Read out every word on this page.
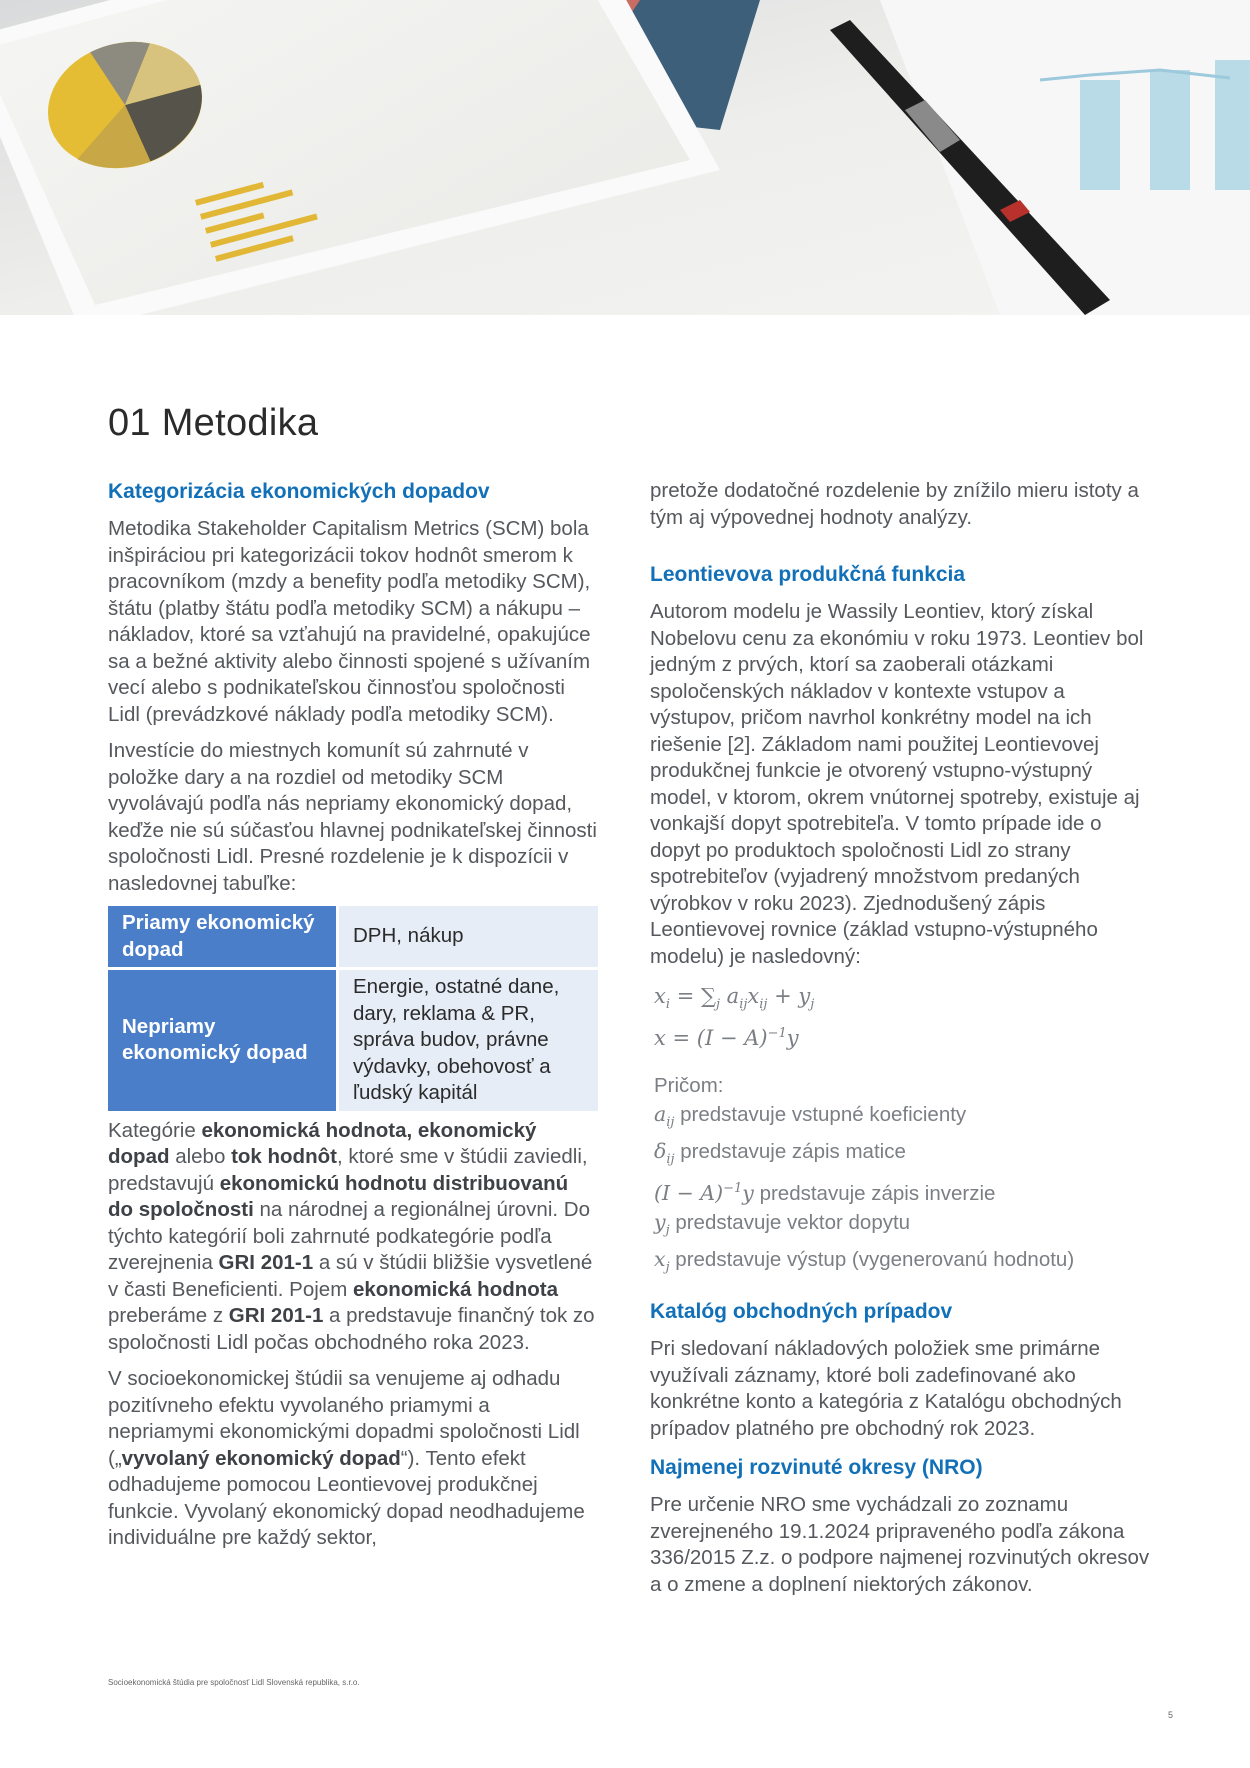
01 Metodika
Kategorizácia ekonomických dopadov

Metodika Stakeholder Capitalism Metrics (SCM) bola inšpiráciou pri kategorizácii tokov hodnôt smerom k pracovníkom (mzdy a benefity podľa metodiky SCM), štátu (platby štátu podľa metodiky SCM) a nákupu – nákladov, ktoré sa vzťahujú na pravidelné, opakujúce sa a bežné aktivity alebo činnosti spojené s užívaním vecí alebo s podnikateľskou činnosťou spoločnosti Lidl (prevádzkové náklady podľa metodiky SCM).

Investície do miestnych komunít sú zahrnuté v položke dary a na rozdiel od metodiky SCM vyvolávajú podľa nás nepriamy ekonomický dopad, keďže nie sú súčasťou hlavnej podnikateľskej činnosti spoločnosti Lidl. Presné rozdelenie je k dispozícii v nasledovnej tabuľke:

Priamy ekonomický dopad	DPH, nákup
Nepriamy ekonomický dopad	Energie, ostatné dane, dary, reklama & PR, správa budov, právne výdavky, obehovosť a ľudský kapitál

Kategórie ekonomická hodnota, ekonomický dopad alebo tok hodnôt, ktoré sme v štúdii zaviedli, predstavujú ekonomickú hodnotu distribuovanú do spoločnosti na národnej a regionálnej úrovni. Do týchto kategórií boli zahrnuté podkategórie podľa zverejnenia GRI 201-1 a sú v štúdii bližšie vysvetlené v časti Beneficienti. Pojem ekonomická hodnota preberáme z GRI 201-1 a predstavuje finančný tok zo spoločnosti Lidl počas obchodného roka 2023.

V socioekonomickej štúdii sa venujeme aj odhadu pozitívneho efektu vyvolaného priamymi a nepriamymi ekonomickými dopadmi spoločnosti Lidl („vyvolaný ekonomický dopad“). Tento efekt odhadujeme pomocou Leontievovej produkčnej funkcie. Vyvolaný ekonomický dopad neodhadujeme individuálne pre každý sektor,

pretože dodatočné rozdelenie by znížilo mieru istoty a tým aj výpovednej hodnoty analýzy.

Leontievova produkčná funkcia

Autorom modelu je Wassily Leontiev, ktorý získal Nobelovu cenu za ekonómiu v roku 1973. Leontiev bol jedným z prvých, ktorí sa zaoberali otázkami spoločenských nákladov v kontexte vstupov a výstupov, pričom navrhol konkrétny model na ich riešenie [2]. Základom nami použitej Leontievovej produkčnej funkcie je otvorený vstupno-výstupný model, v ktorom, okrem vnútornej spotreby, existuje aj vonkajší dopyt spotrebiteľa. V tomto prípade ide o dopyt po produktoch spoločnosti Lidl zo strany spotrebiteľov (vyjadrený množstvom predaných výrobkov v roku 2023). Zjednodušený zápis Leontievovej rovnice (základ vstupno-výstupného modelu) je nasledovný:

$x_i = \sum_j$ $a_{ij}x_{ij} + y_j$
$x = (I - A)^{-1}y$
Pričom:
$a_{ij}$ predstavuje vstupné koeficienty
$\delta_{ij}$ predstavuje zápis matice
$(I - A)^{-1}y$ predstavuje zápis inverzie
$y_j$ predstavuje vektor dopytu
$x_j$ predstavuje výstup (vygenerovanú hodnotu)
Katalóg obchodných prípadov

Pri sledovaní nákladových položiek sme primárne využívali záznamy, ktoré boli zadefinované ako konkrétne konto a kategória z Katalógu obchodných prípadov platného pre obchodný rok 2023.

Najmenej rozvinuté okresy (NRO)

Pre určenie NRO sme vychádzali zo zoznamu zverejneného 19.1.2024 pripraveného podľa zákona 336/2015 Z.z. o podpore najmenej rozvinutých okresov a o zmene a doplnení niektorých zákonov.

Socioekonomická štúdia pre spoločnosť Lidl Slovenská republika, s.r.o.
5
